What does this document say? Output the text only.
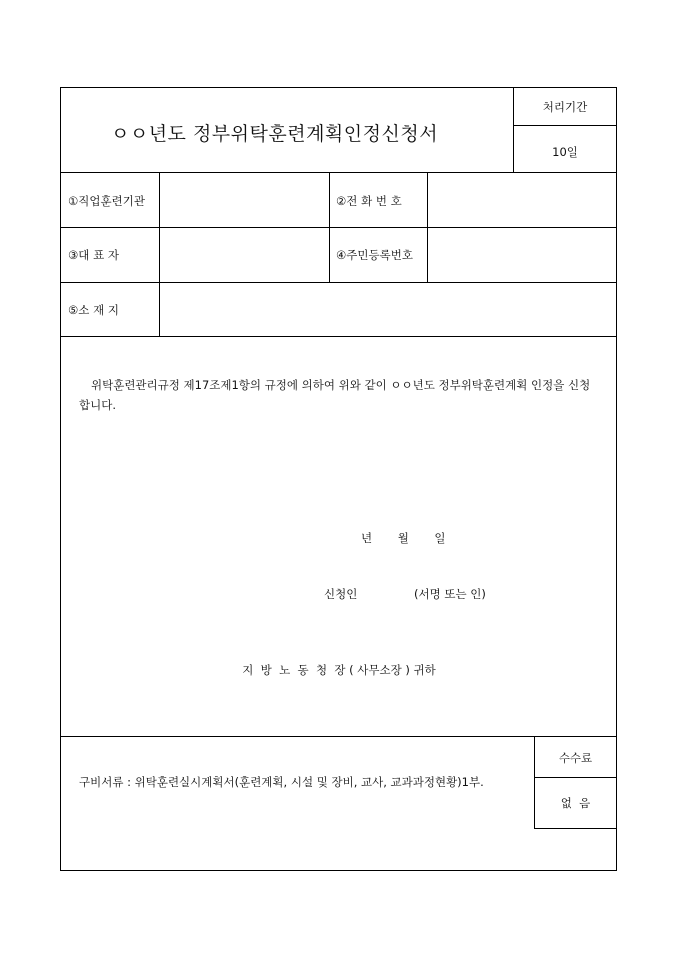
ㅇㅇ년도 정부위탁훈련계획인정신청서
처리기간
10일
①직업훈련기관	②전 화 번 호
③대 표 자	④주민등록번호
⑤소 재 지
위탁훈련관리규정 제17조제1항의 규정에 의하여 위와 같이 ㅇㅇ년도 정부위탁훈련계획 인정을 신청합니다.
년       월       일
신청인	(서명 또는 인)
지  방  노  동  청  장 ( 사무소장 ) 귀하
구비서류 : 위탁훈련실시계획서(훈련계획, 시설 및 장비, 교사, 교과과정현황)1부.
수수료
없  음
